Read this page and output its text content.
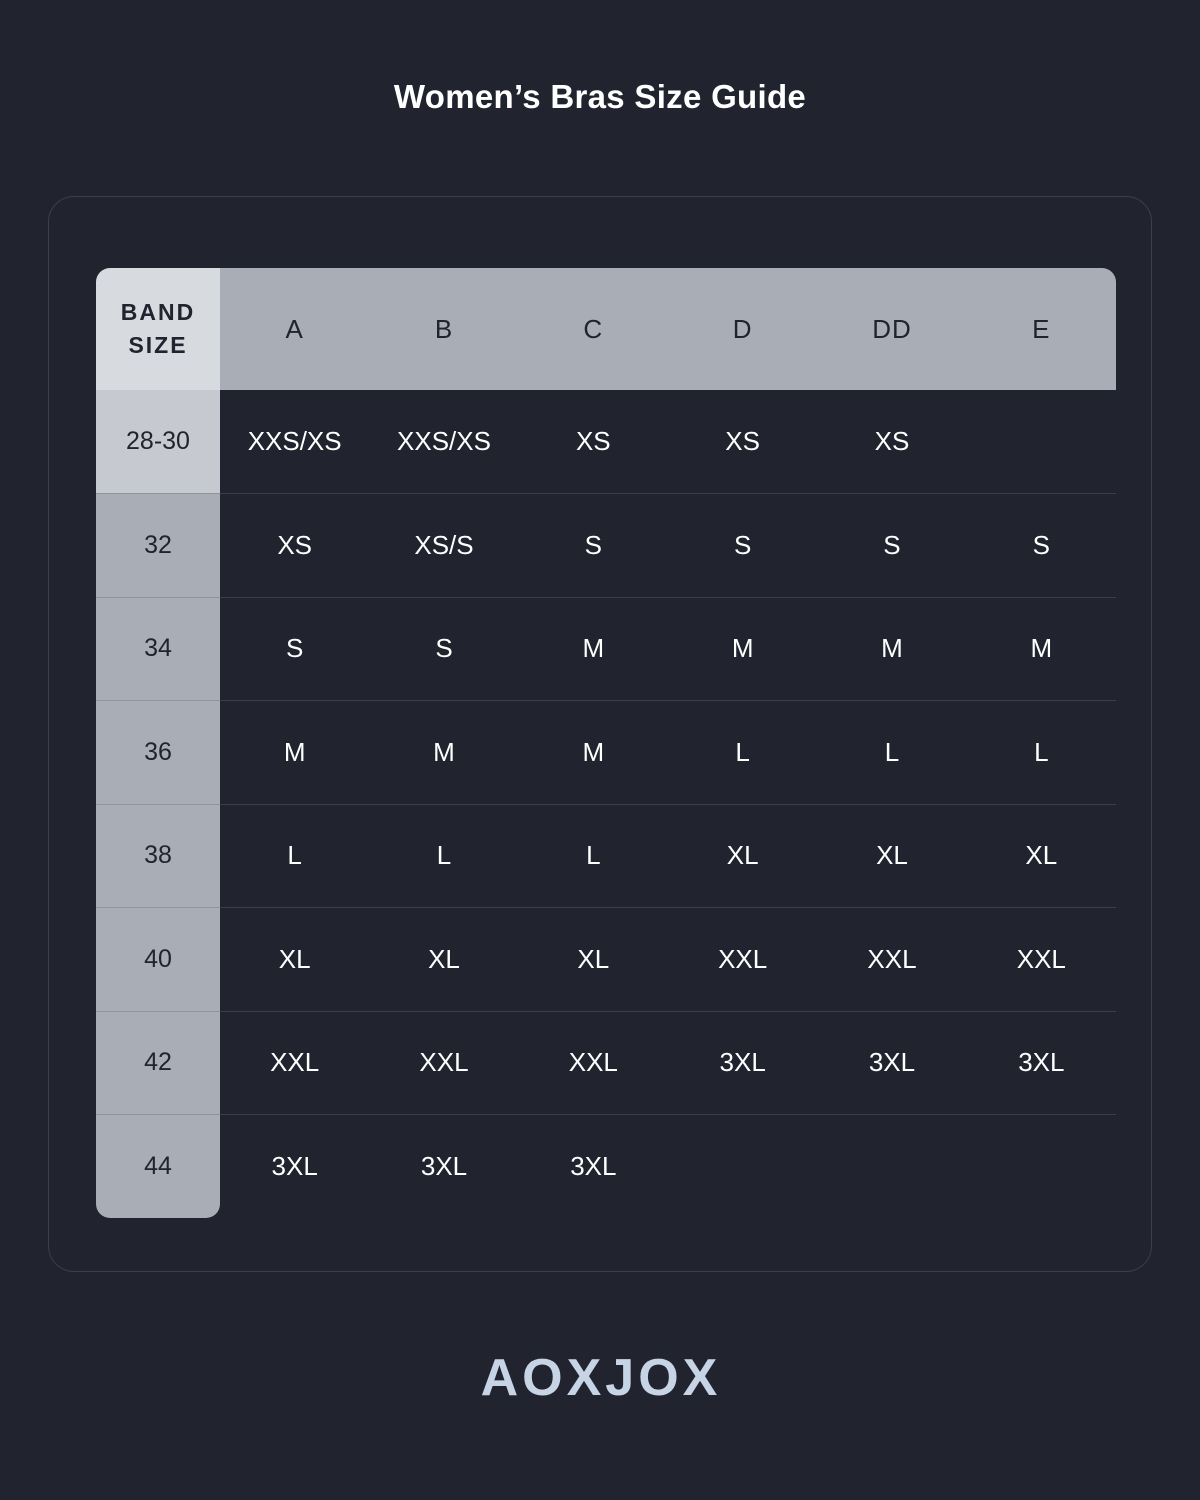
Women’s Bras Size Guide
BAND
SIZE	A	B	C	D	DD	E
28-30	XXS/XS	XXS/XS	XS	XS	XS	
32	XS	XS/S	S	S	S	S
34	S	S	M	M	M	M
36	M	M	M	L	L	L
38	L	L	L	XL	XL	XL
40	XL	XL	XL	XXL	XXL	XXL
42	XXL	XXL	XXL	3XL	3XL	3XL
44	3XL	3XL	3XL			
AOXJOX
